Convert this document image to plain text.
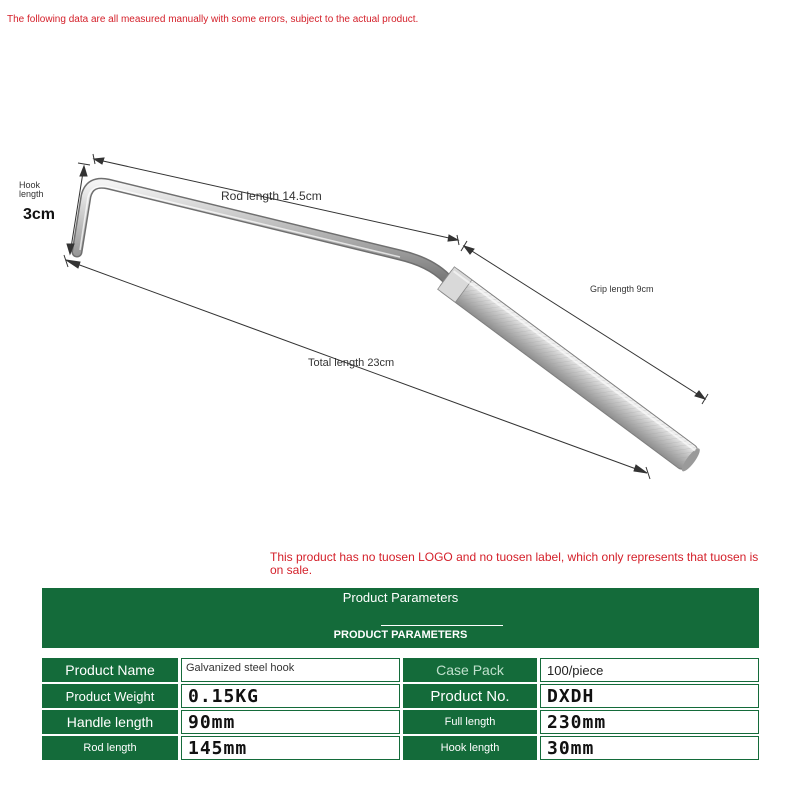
The following data are all measured manually with some errors, subject to the actual product.
Hook length
3cm
Rod length 14.5cm
Grip length 9cm
Total length 23cm
This product has no tuosen LOGO and no tuosen label, which only represents that tuosen is on sale.
Product Parameters
PRODUCT PARAMETERS
Product Name	Galvanized steel hook	Case Pack	100/piece
Product Weight	0.15KG	Product No.	DXDH
Handle length	90mm	Full length	230mm
Rod length	145mm	Hook length	30mm
